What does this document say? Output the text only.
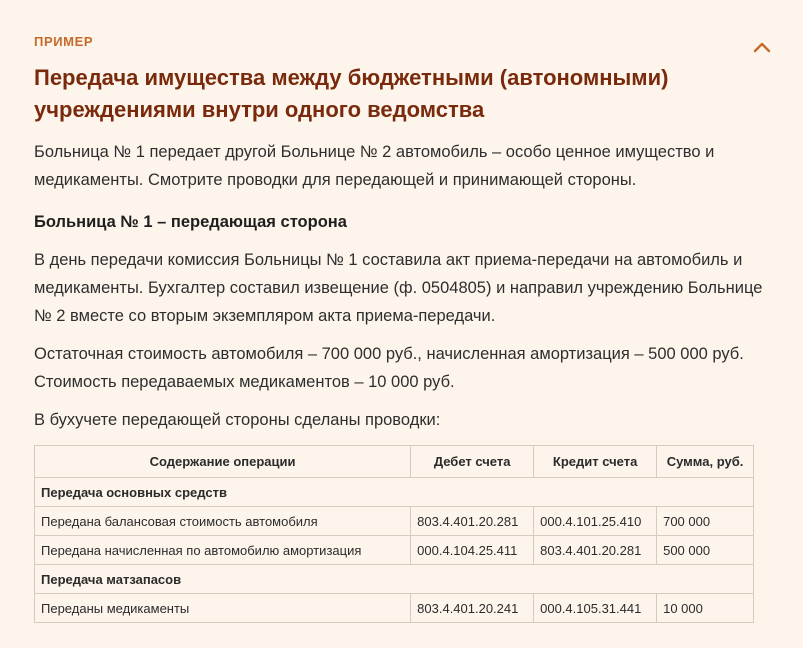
ПРИМЕР
Передача имущества между бюджетными (автономными) учреждениями внутри одного ведомства

Больница № 1 передает другой Больнице № 2 автомобиль – особо ценное имущество и медикаменты. Смотрите проводки для передающей и принимающей стороны.

Больница № 1 – передающая сторона

В день передачи комиссия Больницы № 1 составила акт приема-передачи на автомобиль и медикаменты. Бухгалтер составил извещение (ф. 0504805) и направил учреждению Больнице № 2 вместе со вторым экземпляром акта приема-передачи.

Остаточная стоимость автомобиля – 700 000 руб., начисленная амортизация – 500 000 руб. Стоимость передаваемых медикаментов – 10 000 руб.

В бухучете передающей стороны сделаны проводки:

Содержание операции	Дебет счета	Кредит счета	Сумма, руб.
Передача основных средств			
Передана балансовая стоимость автомобиля	803.4.401.20.281	000.4.101.25.410	700 000
Передана начисленная по автомобилю амортизация	000.4.104.25.411	803.4.401.20.281	500 000
Передача матзапасов			
Переданы медикаменты	803.4.401.20.241	000.4.105.31.441	10 000
